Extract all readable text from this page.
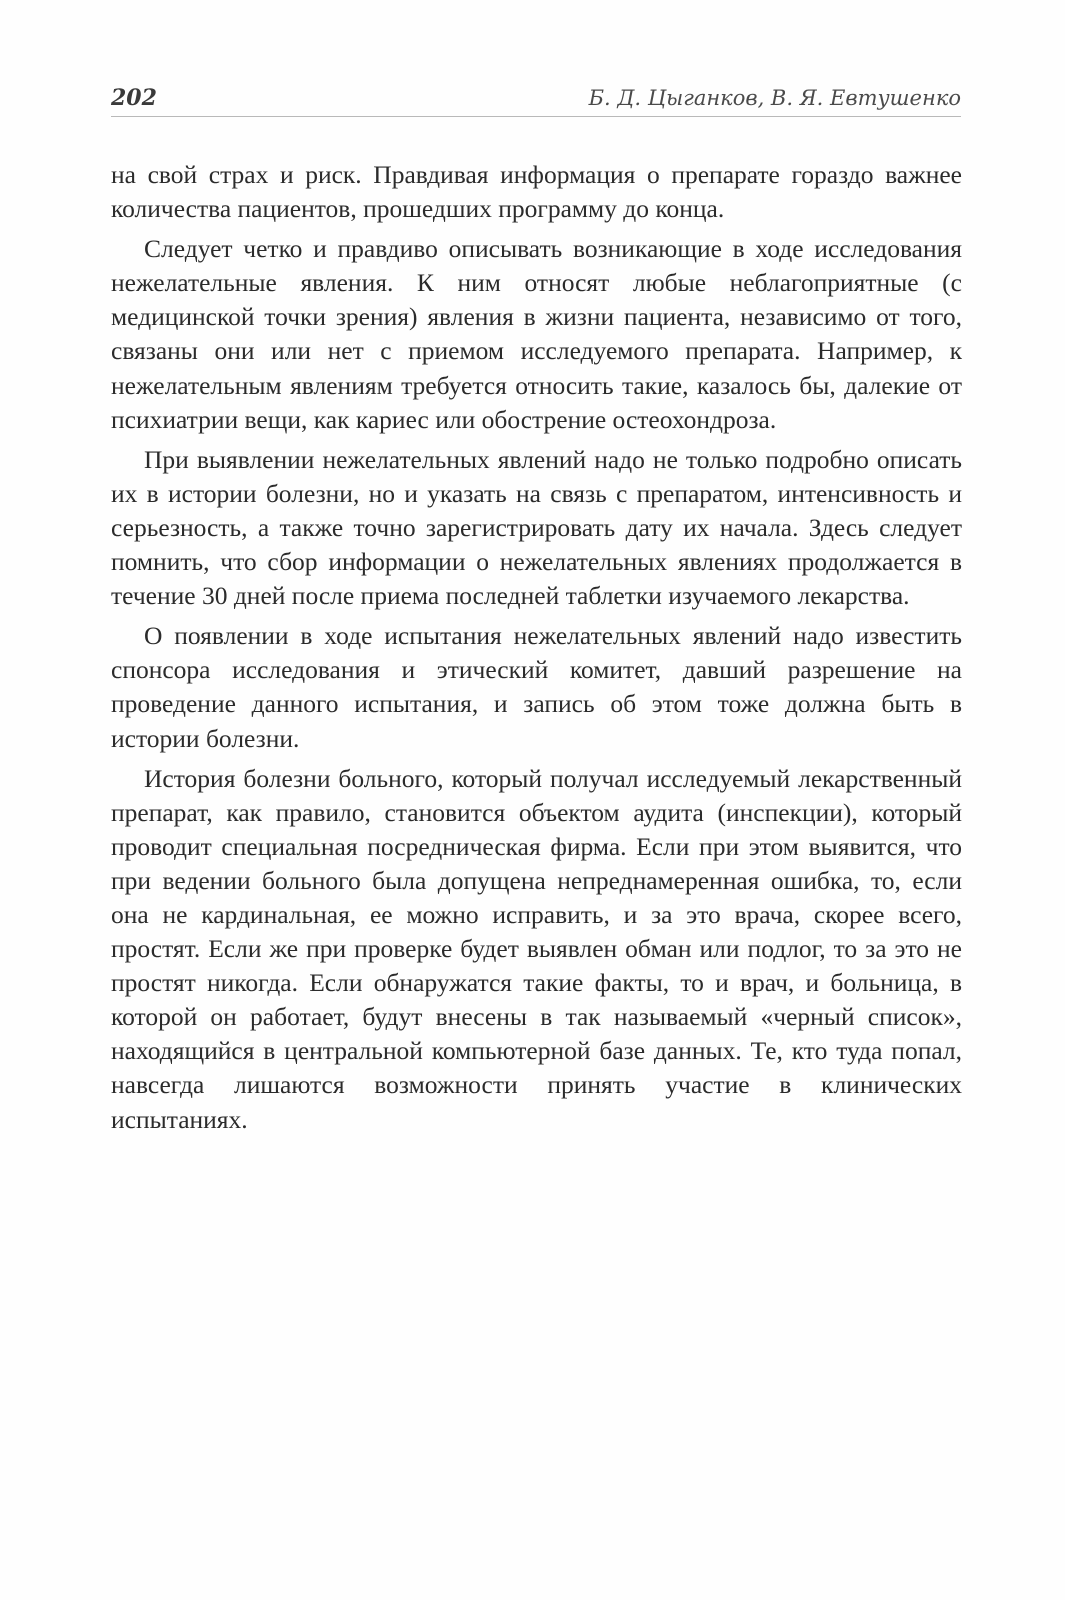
202	Б. Д. Цыганков, В. Я. Евтушенко

на свой страх и риск. Правдивая информация о препарате гораздо важнее количества пациентов, прошедших программу до конца.

Следует четко и правдиво описывать возникающие в ходе исследования нежелательные явления. К ним относят любые неблагоприятные (с медицинской точки зрения) явления в жизни пациента, независимо от того, связаны они или нет с приемом исследуемого препарата. Например, к нежелательным явлениям требуется относить такие, казалось бы, далекие от психиатрии вещи, как кариес или обострение остеохондроза.

При выявлении нежелательных явлений надо не только подробно описать их в истории болезни, но и указать на связь с препаратом, интенсивность и серьезность, а также точно зарегистрировать дату их начала. Здесь следует помнить, что сбор информации о нежелательных явлениях продолжается в течение 30 дней после приема последней таблетки изучаемого лекарства.

О появлении в ходе испытания нежелательных явлений надо известить спонсора исследования и этический комитет, давший разрешение на проведение данного испытания, и запись об этом тоже должна быть в истории болезни.

История болезни больного, который получал исследуемый лекарственный препарат, как правило, становится объектом аудита (инспекции), который проводит специальная посредническая фирма. Если при этом выявится, что при ведении больного была допущена непреднамеренная ошибка, то, если она не кардинальная, ее можно исправить, и за это врача, скорее всего, простят. Если же при проверке будет выявлен обман или подлог, то за это не простят никогда. Если обнаружатся такие факты, то и врач, и больница, в которой он работает, будут внесены в так называемый «черный список», находящийся в центральной компьютерной базе данных. Те, кто туда попал, навсегда лишаются возможности принять участие в клинических испытаниях.
